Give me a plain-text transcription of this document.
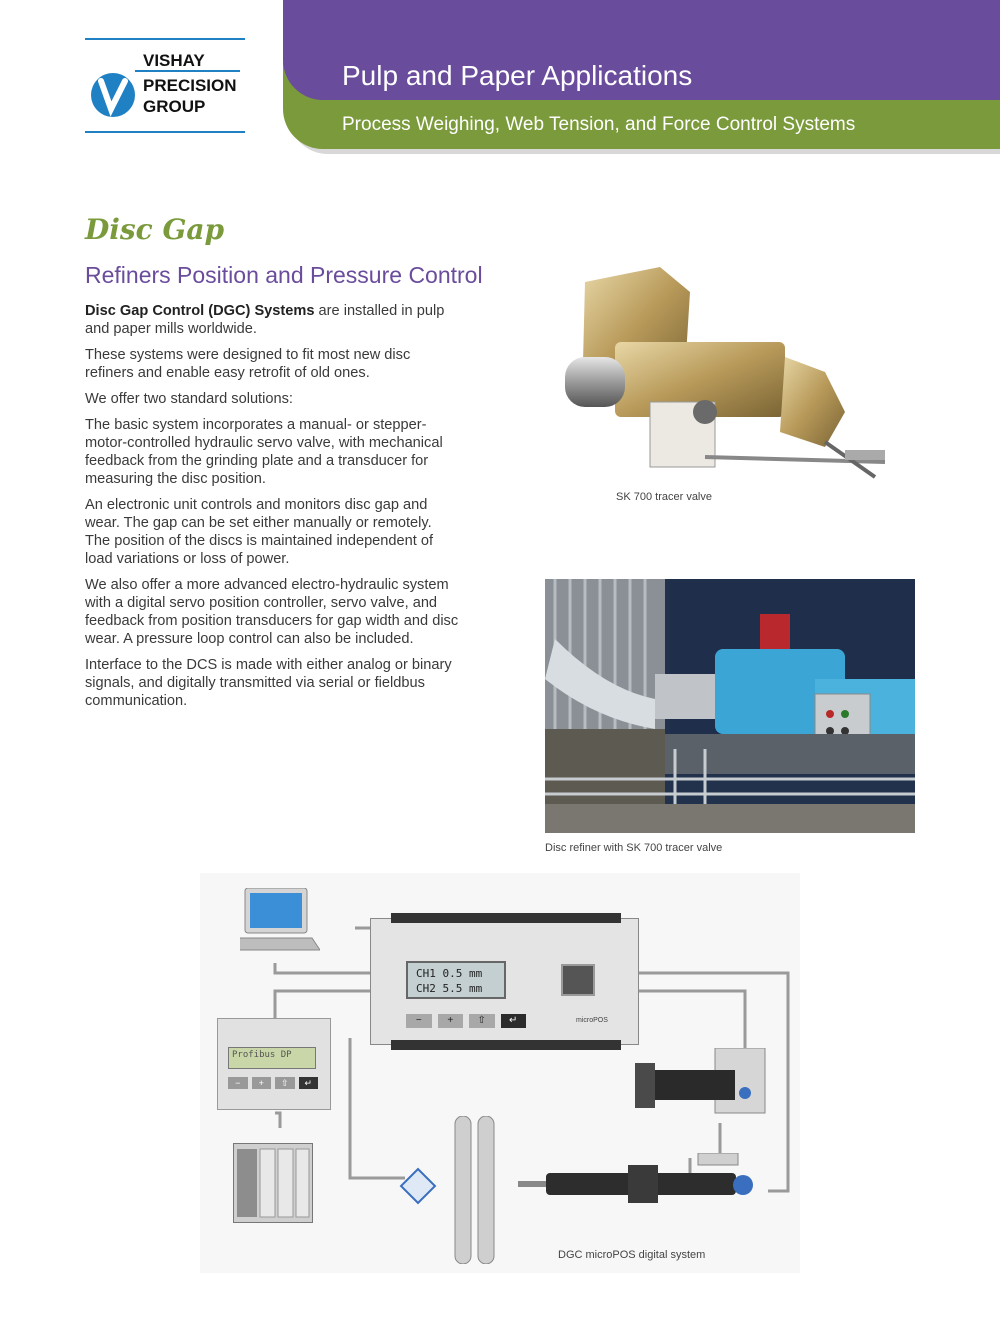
VISHAY
PRECISION
GROUP
Pulp and Paper Applications
Process Weighing, Web Tension, and Force Control Systems
Disc Gap
Refiners Position and Pressure Control

Disc Gap Control (DGC) Systems are installed in pulp and paper mills worldwide.

These systems were designed to fit most new disc refiners and enable easy retrofit of old ones.

We offer two standard solutions:

The basic system incorporates a manual- or stepper-motor-controlled hydraulic servo valve, with mechanical feedback from the grinding plate and a transducer for measuring the disc position.

An electronic unit controls and monitors disc gap and wear. The gap can be set either manually or remotely. The position of the discs is maintained independent of load variations or loss of power.

We also offer a more advanced electro-hydraulic system with a digital servo position controller, servo valve, and feedback from position transducers for gap width and disc wear. A pressure loop control can also be included.

Interface to the DCS is made with either analog or binary signals, and digitally transmitted via serial or fieldbus communication.

SK 700 tracer valve
Disc refiner with SK 700 tracer valve
Profibus DP
−	+	⇧	↵
CH1 0.5 mm
CH2 5.5 mm
−	+	⇧	↵	microPOS
DGC microPOS digital system
